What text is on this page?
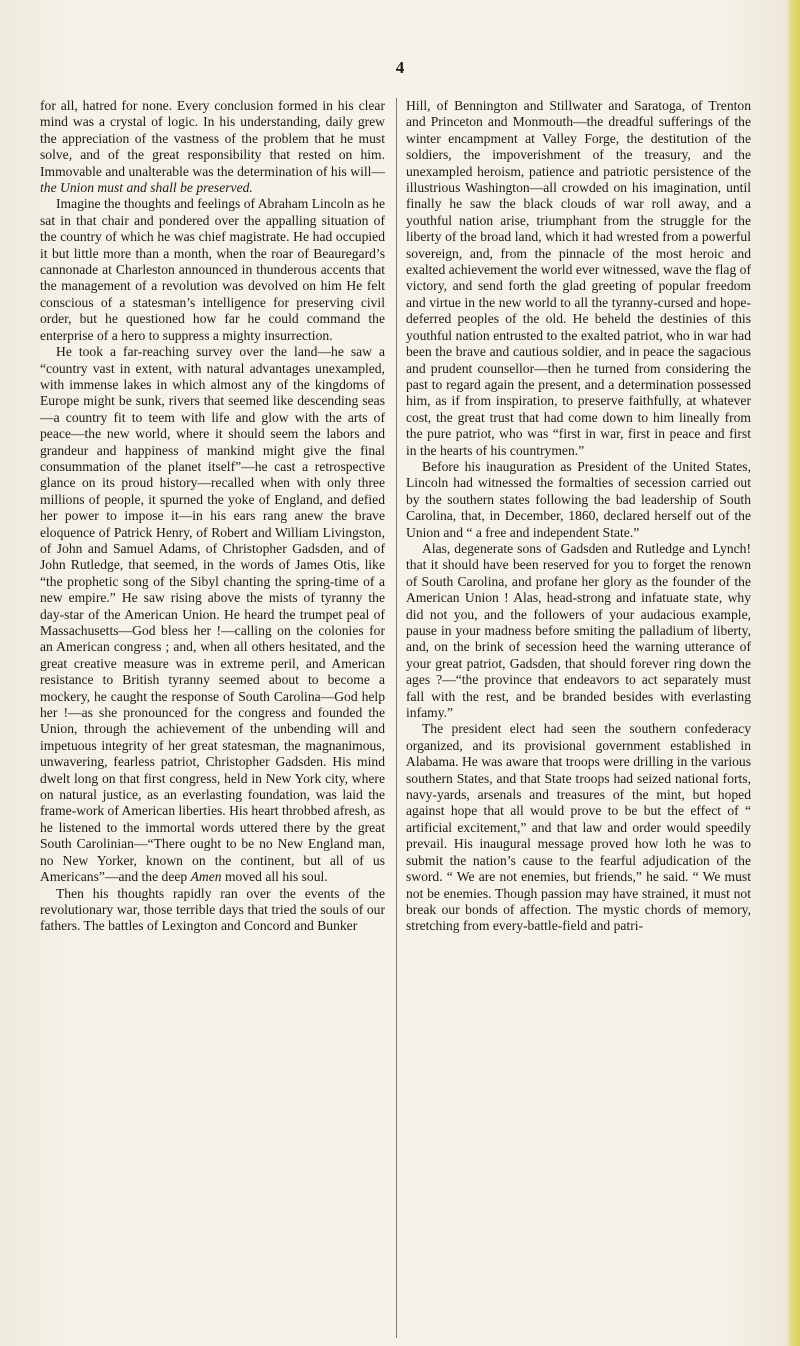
4

for all, hatred for none. Every conclusion formed in his clear mind was a crystal of logic. In his understanding, daily grew the appreciation of the vastness of the problem that he must solve, and of the great responsibility that rested on him. Immovable and unalterable was the determination of his will—the Union must and shall be preserved.

Imagine the thoughts and feelings of Abraham Lincoln as he sat in that chair and pondered over the appalling situation of the country of which he was chief magistrate. He had occupied it but little more than a month, when the roar of Beauregard’s cannonade at Charleston announced in thunderous accents that the management of a revolution was devolved on him He felt conscious of a statesman’s intelligence for preserving civil order, but he questioned how far he could command the enterprise of a hero to suppress a mighty insurrection.

He took a far-reaching survey over the land—he saw a “country vast in extent, with natural advantages unexampled, with immense lakes in which almost any of the kingdoms of Europe might be sunk, rivers that seemed like descending seas—a country fit to teem with life and glow with the arts of peace—the new world, where it should seem the labors and grandeur and happiness of mankind might give the final consummation of the planet itself”—he cast a retrospective glance on its proud history—recalled when with only three millions of people, it spurned the yoke of England, and defied her power to impose it—in his ears rang anew the brave eloquence of Patrick Henry, of Robert and William Livingston, of John and Samuel Adams, of Christopher Gadsden, and of John Rutledge, that seemed, in the words of James Otis, like “the prophetic song of the Sibyl chanting the spring-time of a new empire.” He saw rising above the mists of tyranny the day-star of the American Union. He heard the trumpet peal of Massachusetts—God bless her !—calling on the colonies for an American congress ; and, when all others hesitated, and the great creative measure was in extreme peril, and American resistance to British tyranny seemed about to become a mockery, he caught the response of South Carolina—God help her !—as she pronounced for the congress and founded the Union, through the achievement of the unbending will and impetuous integrity of her great statesman, the magnanimous, unwavering, fearless patriot, Christopher Gadsden. His mind dwelt long on that first congress, held in New York city, where on natural justice, as an everlasting foundation, was laid the frame-work of American liberties. His heart throbbed afresh, as he listened to the immortal words uttered there by the great South Carolinian—“There ought to be no New England man, no New Yorker, known on the continent, but all of us Americans”—and the deep Amen moved all his soul.

Then his thoughts rapidly ran over the events of the revolutionary war, those terrible days that tried the souls of our fathers. The battles of Lexington and Concord and Bunker

Hill, of Bennington and Stillwater and Saratoga, of Trenton and Princeton and Monmouth—the dreadful sufferings of the winter encampment at Valley Forge, the destitution of the soldiers, the impoverishment of the treasury, and the unexampled heroism, patience and patriotic persistence of the illustrious Washington—all crowded on his imagination, until finally he saw the black clouds of war roll away, and a youthful nation arise, triumphant from the struggle for the liberty of the broad land, which it had wrested from a powerful sovereign, and, from the pinnacle of the most heroic and exalted achievement the world ever witnessed, wave the flag of victory, and send forth the glad greeting of popular freedom and virtue in the new world to all the tyranny-cursed and hope-deferred peoples of the old. He beheld the destinies of this youthful nation entrusted to the exalted patriot, who in war had been the brave and cautious soldier, and in peace the sagacious and prudent counsellor—then he turned from considering the past to regard again the present, and a determination possessed him, as if from inspiration, to preserve faithfully, at whatever cost, the great trust that had come down to him lineally from the pure patriot, who was “first in war, first in peace and first in the hearts of his countrymen.”

Before his inauguration as President of the United States, Lincoln had witnessed the formalties of secession carried out by the southern states following the bad leadership of South Carolina, that, in December, 1860, declared herself out of the Union and “ a free and independent State.”

Alas, degenerate sons of Gadsden and Rutledge and Lynch! that it should have been reserved for you to forget the renown of South Carolina, and profane her glory as the founder of the American Union ! Alas, head-strong and infatuate state, why did not you, and the followers of your audacious example, pause in your madness before smiting the palladium of liberty, and, on the brink of secession heed the warning utterance of your great patriot, Gadsden, that should forever ring down the ages ?—“the province that endeavors to act separately must fall with the rest, and be branded besides with everlasting infamy.”

The president elect had seen the southern confederacy organized, and its provisional government established in Alabama. He was aware that troops were drilling in the various southern States, and that State troops had seized national forts, navy-yards, arsenals and treasures of the mint, but hoped against hope that all would prove to be but the effect of “ artificial excitement,” and that law and order would speedily prevail. His inaugural message proved how loth he was to submit the nation’s cause to the fearful adjudication of the sword. “ We are not enemies, but friends,” he said. “ We must not be enemies. Though passion may have strained, it must not break our bonds of affection. The mystic chords of memory, stretching from every-battle-field and patri-
